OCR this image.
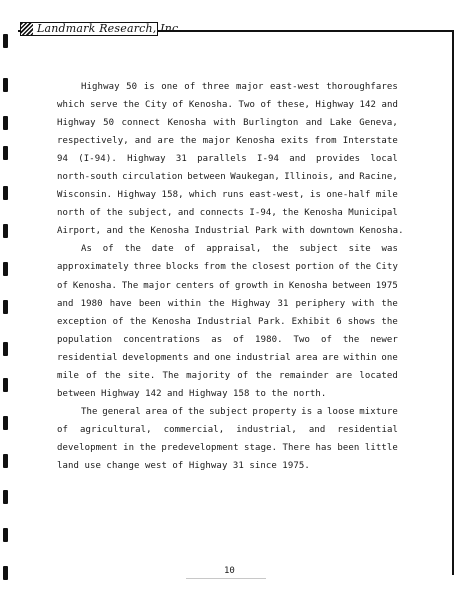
Landmark Research, Inc.
Highway 50 is one of three major east-west thoroughfares
which serve the City of Kenosha. Two of these, Highway 142 and
Highway 50 connect Kenosha with Burlington and Lake Geneva,
respectively, and are the major Kenosha exits from Interstate
94 (I-94). Highway 31 parallels I-94 and provides local
north-south circulation between Waukegan, Illinois, and Racine,
Wisconsin. Highway 158, which runs east-west, is one-half mile
north of the subject, and connects I-94, the Kenosha Municipal
Airport, and the Kenosha Industrial Park with downtown Kenosha.
As of the date of appraisal, the subject site was
approximately three blocks from the closest portion of the City
of Kenosha. The major centers of growth in Kenosha between 1975
and 1980 have been within the Highway 31 periphery with the
exception of the Kenosha Industrial Park. Exhibit 6 shows the
population concentrations as of 1980. Two of the newer
residential developments and one industrial area are within one
mile of the site. The majority of the remainder are located
between Highway 142 and Highway 158 to the north.
The general area of the subject property is a loose mixture
of agricultural, commercial, industrial, and residential
development in the predevelopment stage. There has been little
land use change west of Highway 31 since 1975.
10
